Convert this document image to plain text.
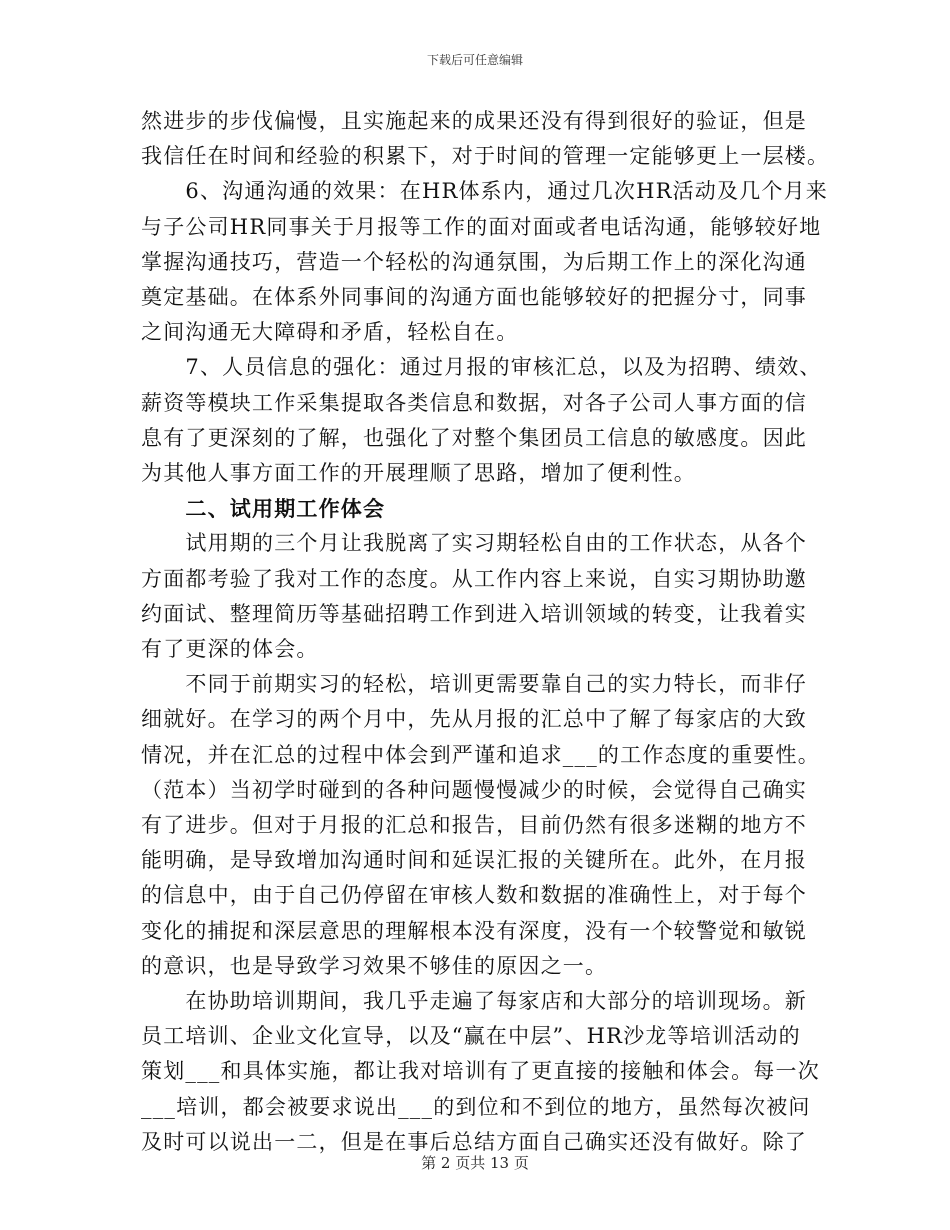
下载后可任意编辑

然进步的步伐偏慢，且实施起来的成果还没有得到很好的验证，但是
我信任在时间和经验的积累下，对于时间的管理一定能够更上一层楼。

　　6、沟通沟通的效果：在HR体系内，通过几次HR活动及几个月来
与子公司HR同事关于月报等工作的面对面或者电话沟通，能够较好地
掌握沟通技巧，营造一个轻松的沟通氛围，为后期工作上的深化沟通
奠定基础。在体系外同事间的沟通方面也能够较好的把握分寸，同事
之间沟通无大障碍和矛盾，轻松自在。

　　7、人员信息的强化：通过月报的审核汇总，以及为招聘、绩效、
薪资等模块工作采集提取各类信息和数据，对各子公司人事方面的信
息有了更深刻的了解，也强化了对整个集团员工信息的敏感度。因此
为其他人事方面工作的开展理顺了思路，增加了便利性。

　　二、试用期工作体会

　　试用期的三个月让我脱离了实习期轻松自由的工作状态，从各个
方面都考验了我对工作的态度。从工作内容上来说，自实习期协助邀
约面试、整理简历等基础招聘工作到进入培训领域的转变，让我着实
有了更深的体会。

　　不同于前期实习的轻松，培训更需要靠自己的实力特长，而非仔
细就好。在学习的两个月中，先从月报的汇总中了解了每家店的大致
情况，并在汇总的过程中体会到严谨和追求___的工作态度的重要性。
（范本）当初学时碰到的各种问题慢慢减少的时候，会觉得自己确实
有了进步。但对于月报的汇总和报告，目前仍然有很多迷糊的地方不
能明确，是导致增加沟通时间和延误汇报的关键所在。此外，在月报
的信息中，由于自己仍停留在审核人数和数据的准确性上，对于每个
变化的捕捉和深层意思的理解根本没有深度，没有一个较警觉和敏锐
的意识，也是导致学习效果不够佳的原因之一。

　　在协助培训期间，我几乎走遍了每家店和大部分的培训现场。新
员工培训、企业文化宣导，以及“赢在中层”、HR沙龙等培训活动的
策划___和具体实施，都让我对培训有了更直接的接触和体会。每一次
___培训，都会被要求说出___的到位和不到位的地方，虽然每次被问
及时可以说出一二，但是在事后总结方面自己确实还没有做好。除了

第 2 页共 13 页
